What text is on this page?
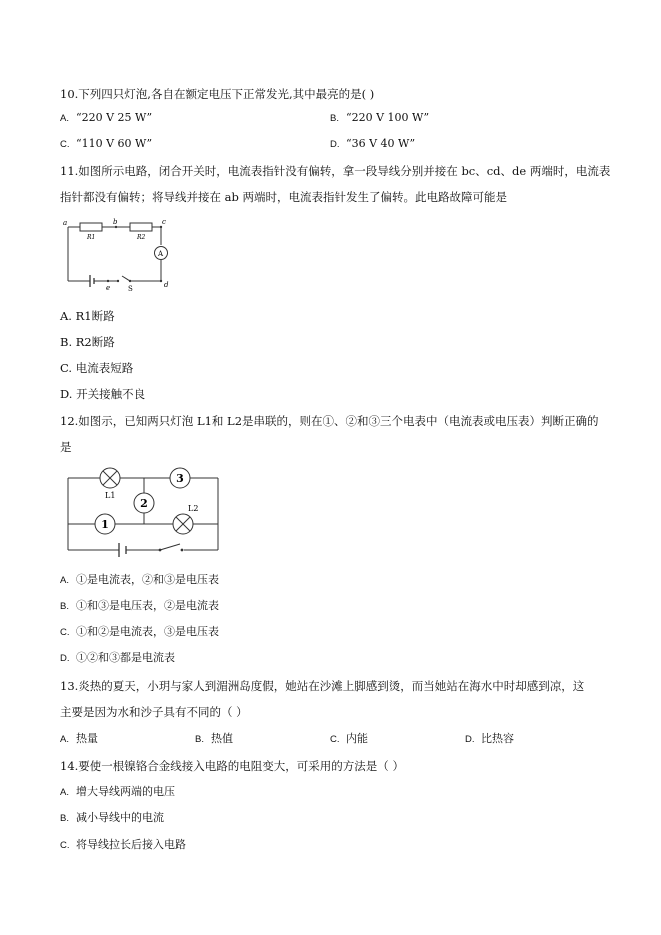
10.下列四只灯泡,各自在额定电压下正常发光,其中最亮的是( )
A. “220 V 25 W”	B. “220 V 100 W”
C. “110 V 60 W”	D. “36 V 40 W”
11.如图所示电路，闭合开关时，电流表指针没有偏转，拿一段导线分别并接在 bc、cd、de 两端时，电流表
指针都没有偏转；将导线并接在 ab 两端时，电流表指针发生了偏转。此电路故障可能是
a	b	c
d
e
R1	R2
A
S
A. R1断路
B. R2断路
C. 电流表短路
D. 开关接触不良
12.如图示，已知两只灯泡 L1和 L2是串联的，则在①、②和③三个电表中（电流表或电压表）判断正确的
是
3
2
1
L1
L2
A. ①是电流表，②和③是电压表
B. ①和③是电压表，②是电流表
C. ①和②是电流表，③是电压表
D. ①②和③都是电流表
13.炎热的夏天，小玥与家人到湄洲岛度假，她站在沙滩上脚感到烫，而当她站在海水中时却感到凉，这
主要是因为水和沙子具有不同的（ ）
A. 热量	B. 热值	C. 内能	D. 比热容
14.要使一根镍铬合金线接入电路的电阻变大，可采用的方法是（ ）
A. 增大导线两端的电压
B. 减小导线中的电流
C. 将导线拉长后接入电路
